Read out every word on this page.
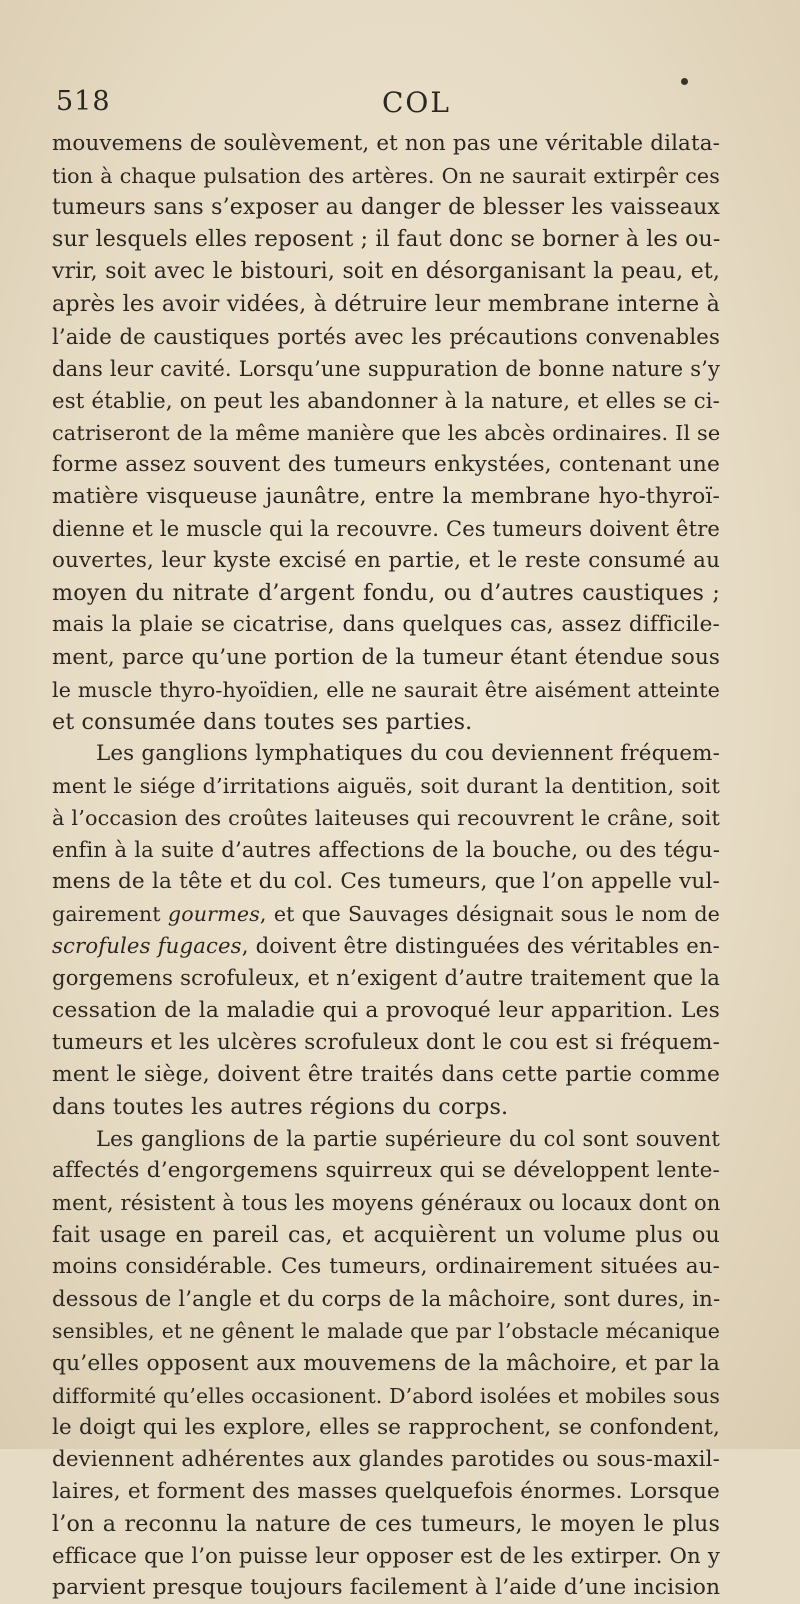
518	COL
mouvemens de soulèvement, et non pas une véritable dilata-
tion à chaque pulsation des artères. On ne saurait extirpêr ces
tumeurs sans s’exposer au danger de blesser les vaisseaux
sur lesquels elles reposent ; il faut donc se borner à les ou-
vrir, soit avec le bistouri, soit en désorganisant la peau, et,
après les avoir vidées, à détruire leur membrane interne à
l’aide de caustiques portés avec les précautions convenables
dans leur cavité. Lorsqu’une suppuration de bonne nature s’y
est établie, on peut les abandonner à la nature, et elles se ci-
catriseront de la même manière que les abcès ordinaires. Il se
forme assez souvent des tumeurs enkystées, contenant une
matière visqueuse jaunâtre, entre la membrane hyo-thyroï-
dienne et le muscle qui la recouvre. Ces tumeurs doivent être
ouvertes, leur kyste excisé en partie, et le reste consumé au
moyen du nitrate d’argent fondu, ou d’autres caustiques ;
mais la plaie se cicatrise, dans quelques cas, assez difficile-
ment, parce qu’une portion de la tumeur étant étendue sous
le muscle thyro-hyoïdien, elle ne saurait être aisément atteinte
et consumée dans toutes ses parties.
Les ganglions lymphatiques du cou deviennent fréquem-
ment le siége d’irritations aiguës, soit durant la dentition, soit
à l’occasion des croûtes laiteuses qui recouvrent le crâne, soit
enfin à la suite d’autres affections de la bouche, ou des tégu-
mens de la tête et du col. Ces tumeurs, que l’on appelle vul-
gairement gourmes, et que Sauvages désignait sous le nom de
scrofules fugaces, doivent être distinguées des véritables en-
gorgemens scrofuleux, et n’exigent d’autre traitement que la
cessation de la maladie qui a provoqué leur apparition. Les
tumeurs et les ulcères scrofuleux dont le cou est si fréquem-
ment le siège, doivent être traités dans cette partie comme
dans toutes les autres régions du corps.
Les ganglions de la partie supérieure du col sont souvent
affectés d’engorgemens squirreux qui se développent lente-
ment, résistent à tous les moyens généraux ou locaux dont on
fait usage en pareil cas, et acquièrent un volume plus ou
moins considérable. Ces tumeurs, ordinairement situées au-
dessous de l’angle et du corps de la mâchoire, sont dures, in-
sensibles, et ne gênent le malade que par l’obstacle mécanique
qu’elles opposent aux mouvemens de la mâchoire, et par la
difformité qu’elles occasionent. D’abord isolées et mobiles sous
le doigt qui les explore, elles se rapprochent, se confondent,
deviennent adhérentes aux glandes parotides ou sous-maxil-
laires, et forment des masses quelquefois énormes. Lorsque
l’on a reconnu la nature de ces tumeurs, le moyen le plus
efficace que l’on puisse leur opposer est de les extirper. On y
parvient presque toujours facilement à l’aide d’une incision
